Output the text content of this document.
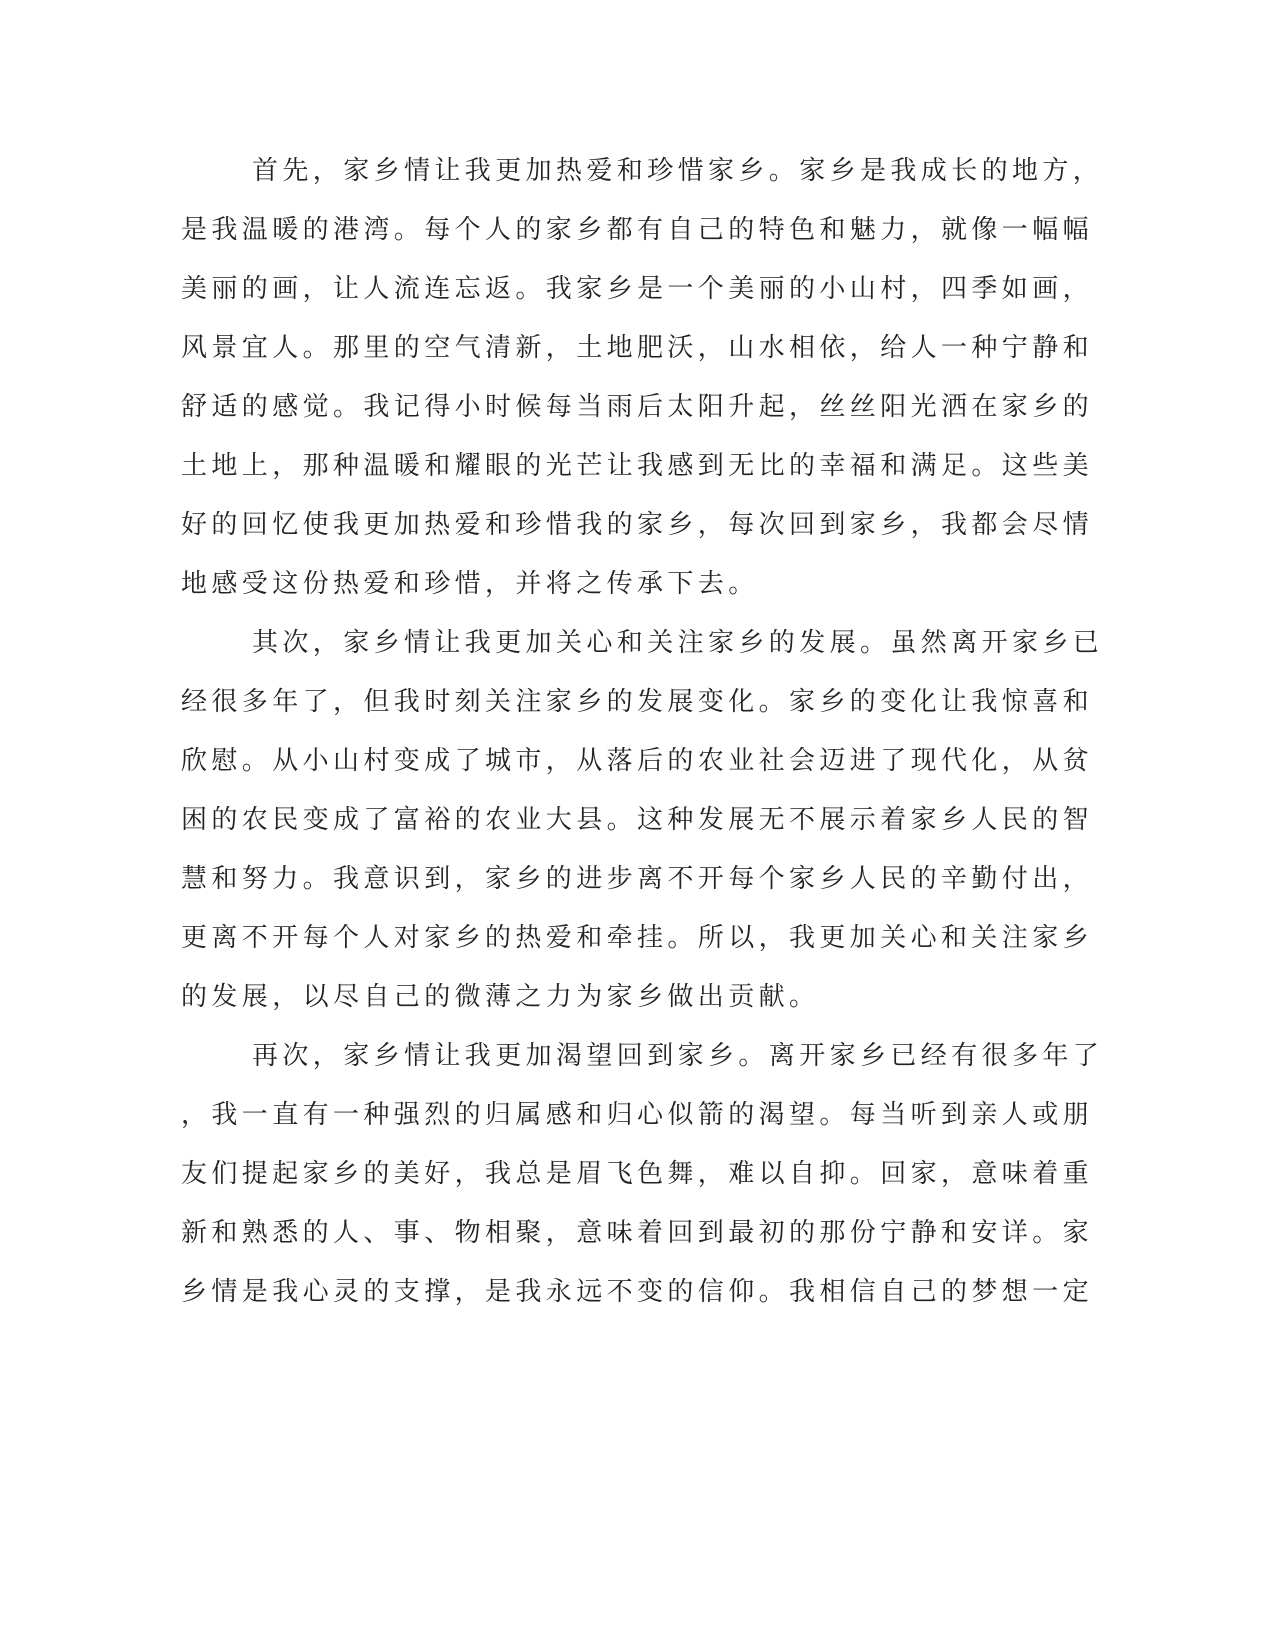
首先，家乡情让我更加热爱和珍惜家乡。家乡是我成长的地方，
是我温暖的港湾。每个人的家乡都有自己的特色和魅力，就像一幅幅
美丽的画，让人流连忘返。我家乡是一个美丽的小山村，四季如画，
风景宜人。那里的空气清新，土地肥沃，山水相依，给人一种宁静和
舒适的感觉。我记得小时候每当雨后太阳升起，丝丝阳光洒在家乡的
土地上，那种温暖和耀眼的光芒让我感到无比的幸福和满足。这些美
好的回忆使我更加热爱和珍惜我的家乡，每次回到家乡，我都会尽情
地感受这份热爱和珍惜，并将之传承下去。
其次，家乡情让我更加关心和关注家乡的发展。虽然离开家乡已
经很多年了，但我时刻关注家乡的发展变化。家乡的变化让我惊喜和
欣慰。从小山村变成了城市，从落后的农业社会迈进了现代化，从贫
困的农民变成了富裕的农业大县。这种发展无不展示着家乡人民的智
慧和努力。我意识到，家乡的进步离不开每个家乡人民的辛勤付出，
更离不开每个人对家乡的热爱和牵挂。所以，我更加关心和关注家乡
的发展，以尽自己的微薄之力为家乡做出贡献。
再次，家乡情让我更加渴望回到家乡。离开家乡已经有很多年了
，我一直有一种强烈的归属感和归心似箭的渴望。每当听到亲人或朋
友们提起家乡的美好，我总是眉飞色舞，难以自抑。回家，意味着重
新和熟悉的人、事、物相聚，意味着回到最初的那份宁静和安详。家
乡情是我心灵的支撑，是我永远不变的信仰。我相信自己的梦想一定
